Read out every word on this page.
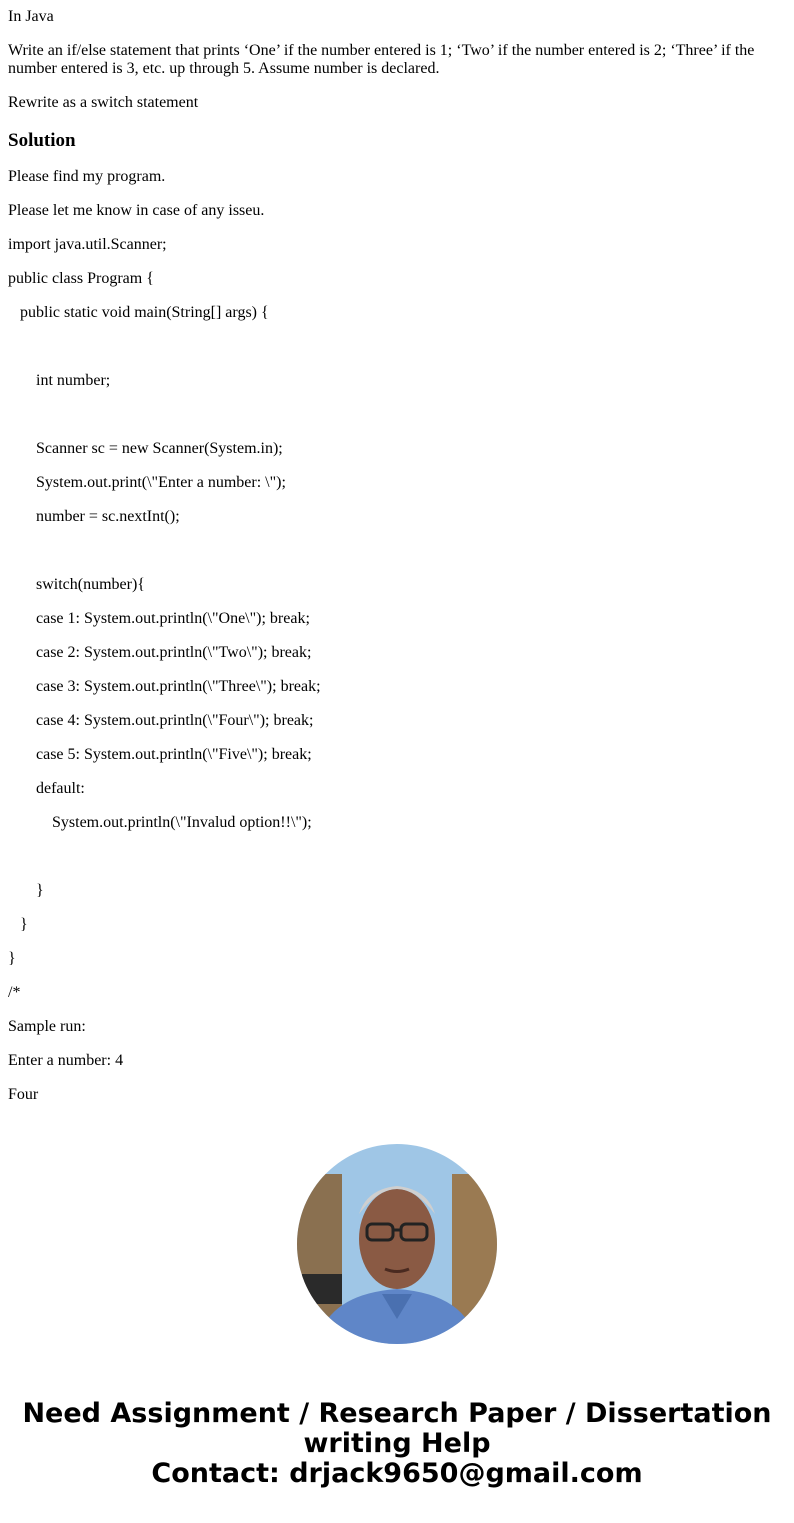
In Java

Write an if/else statement that prints ‘One’ if the number entered is 1; ‘Two’ if the number entered is 2; ‘Three’ if the number entered is 3, etc. up through 5. Assume number is declared.

Rewrite as a switch statement

Solution

Please find my program.

Please let me know in case of any isseu.

import java.util.Scanner;

public class Program {

public static void main(String[] args) {

int number;

Scanner sc = new Scanner(System.in);

System.out.print(\"Enter a number: \");

number = sc.nextInt();

switch(number){

case 1: System.out.println(\"One\"); break;

case 2: System.out.println(\"Two\"); break;

case 3: System.out.println(\"Three\"); break;

case 4: System.out.println(\"Four\"); break;

case 5: System.out.println(\"Five\"); break;

default:

System.out.println(\"Invalud option!!\");

}

}

}

/*

Sample run:

Enter a number: 4

Four

Need Assignment / Research Paper / Dissertation
writing Help
Contact: drjack9650@gmail.com
